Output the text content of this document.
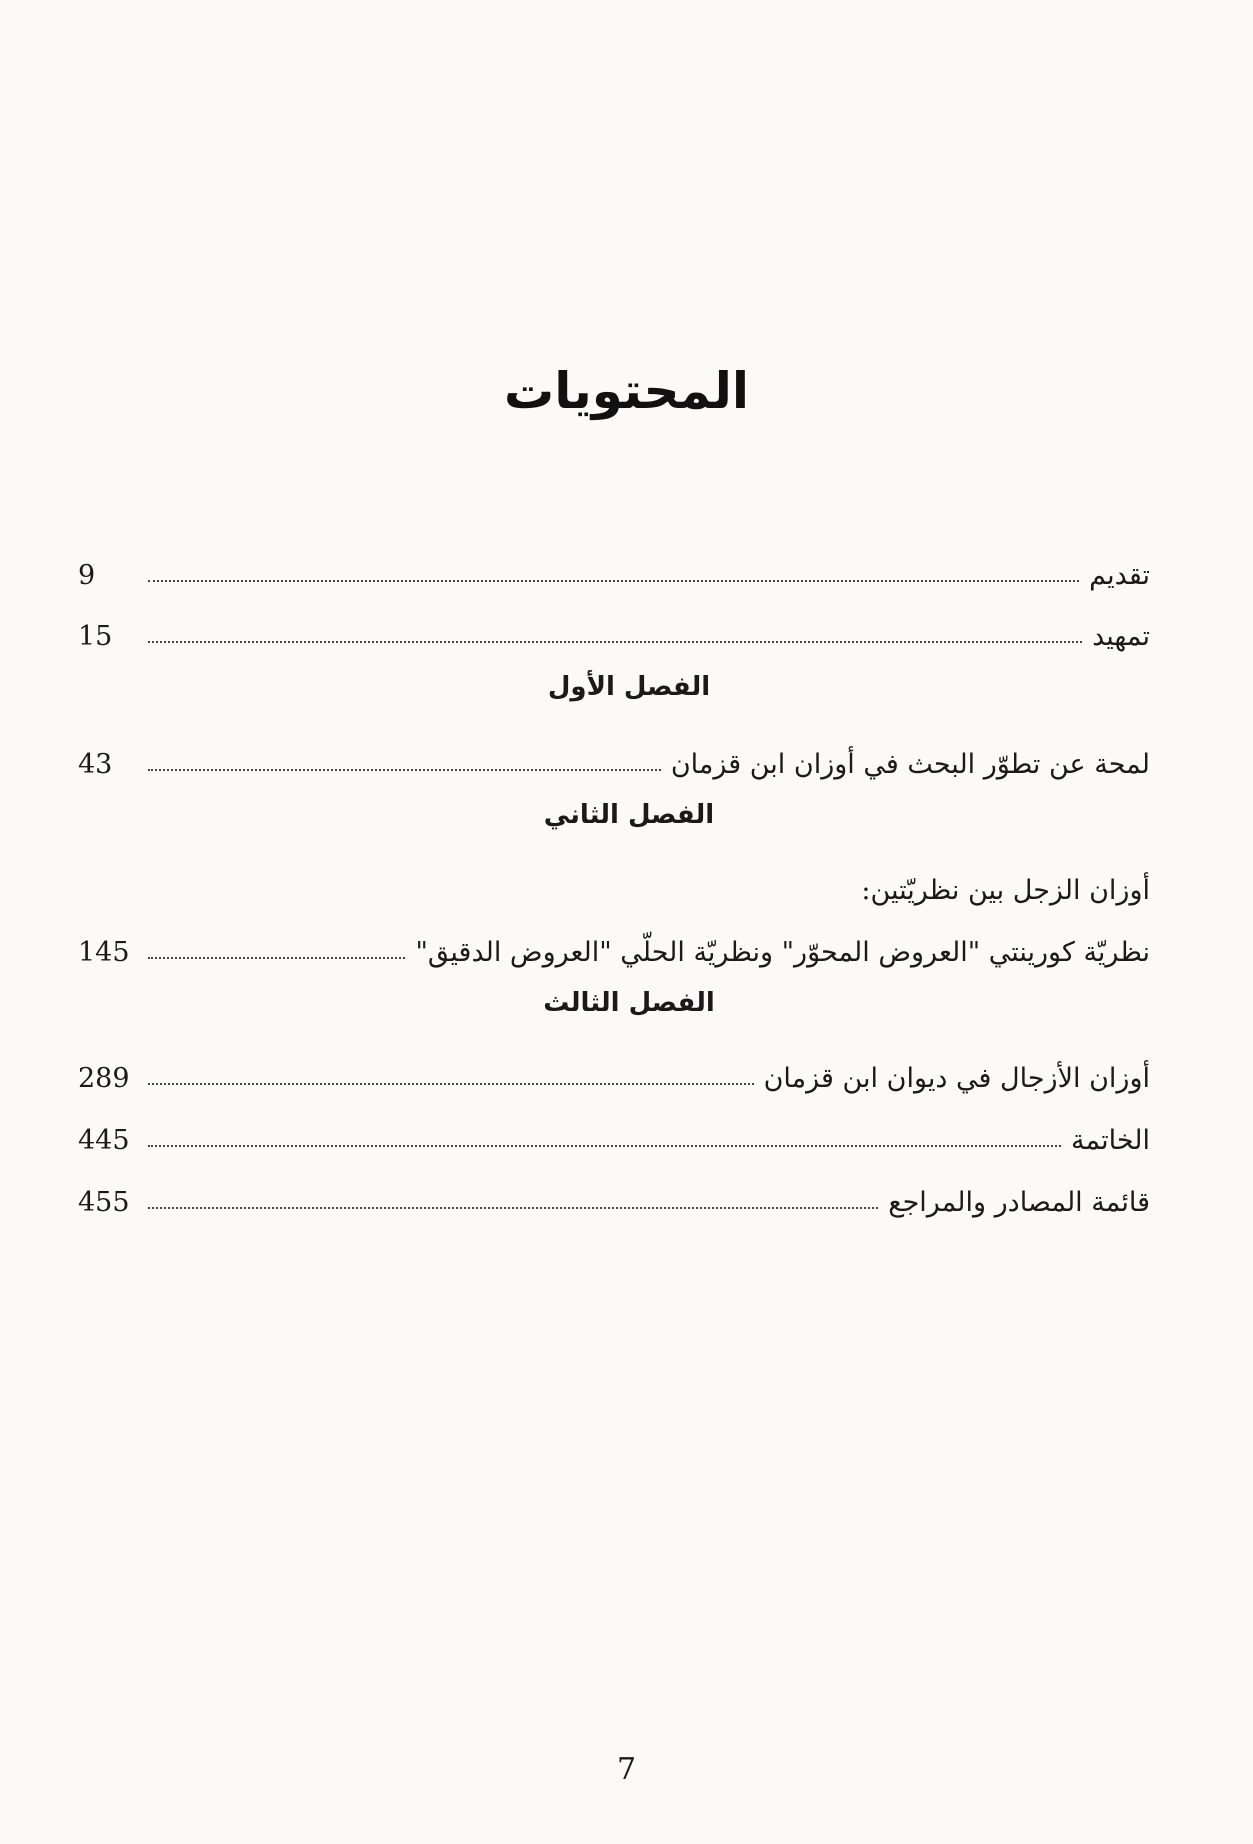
المحتويات
تقديم
9
تمهيد
15
الفصل الأول
لمحة عن تطوّر البحث في أوزان ابن قزمان
43
الفصل الثاني
أوزان الزجل بين نظريّتين:
نظريّة كورينتي "العروض المحوّر" ونظريّة الحلّي "العروض الدقيق"
145
الفصل الثالث
أوزان الأزجال في ديوان ابن قزمان
289
الخاتمة
445
قائمة المصادر والمراجع
455
7
